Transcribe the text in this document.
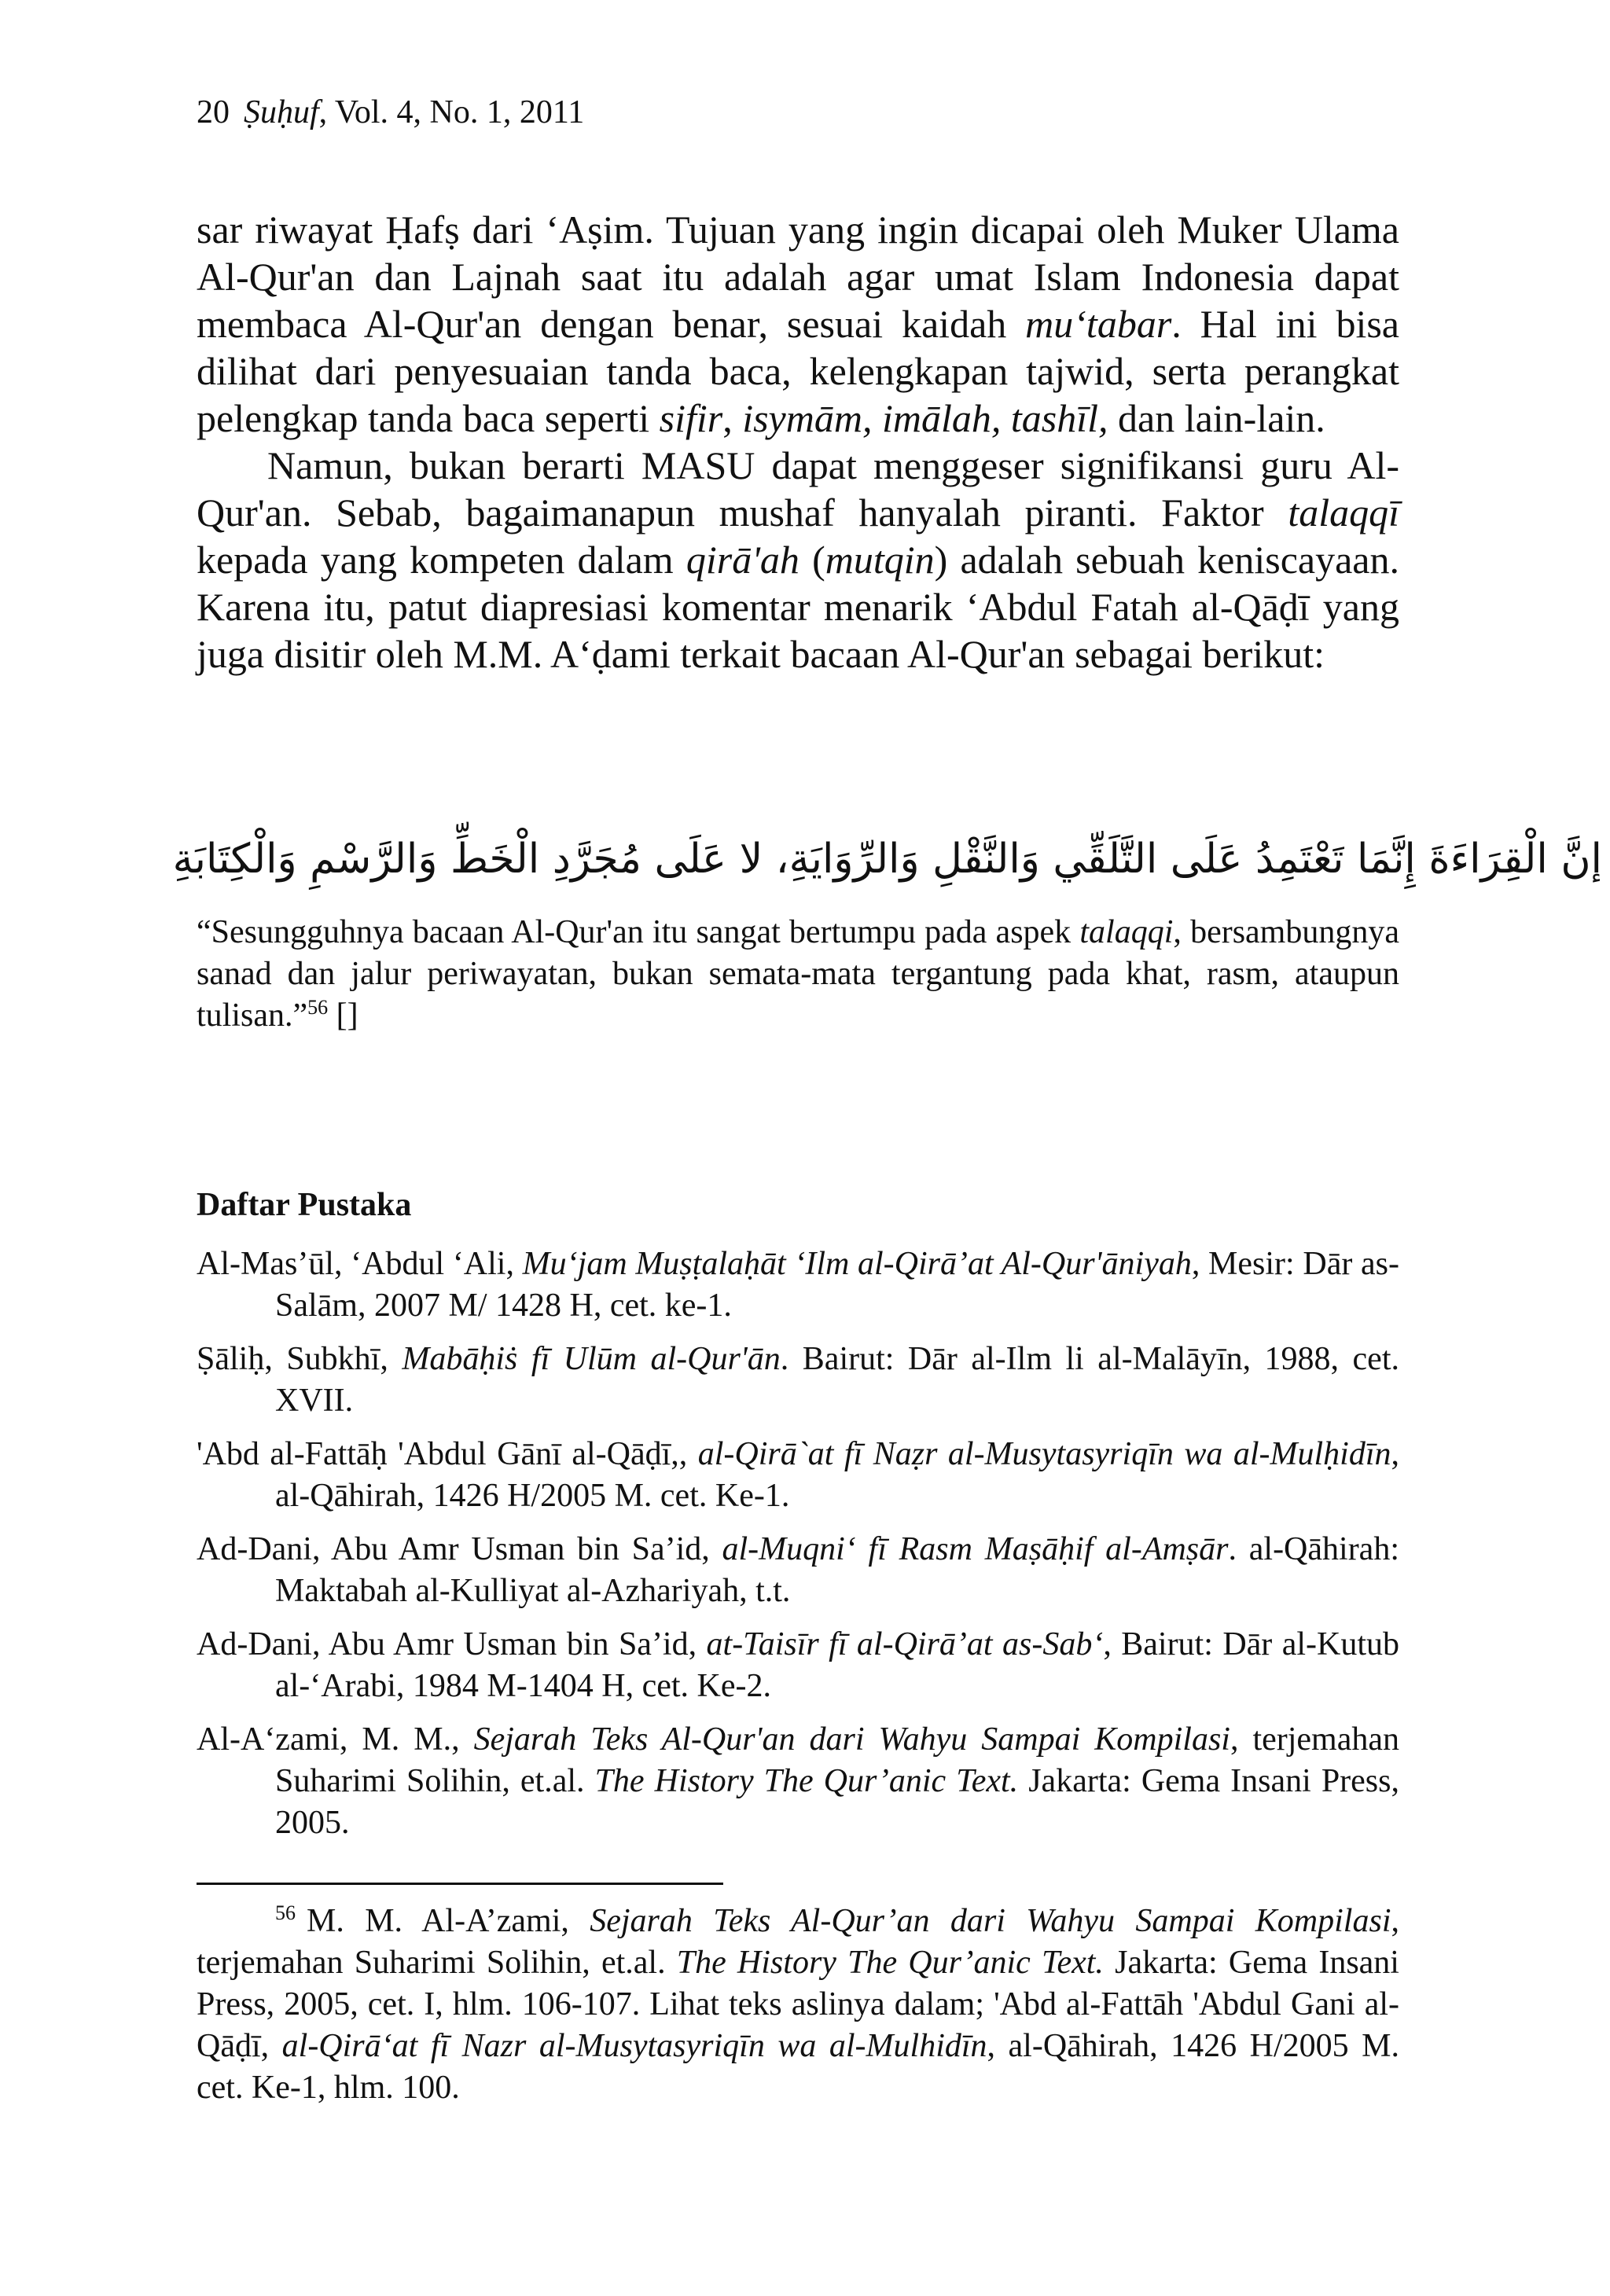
20 Ṣuḥuf, Vol. 4, No. 1, 2011

sar riwayat Ḥafṣ dari ‘Aṣim. Tujuan yang ingin dicapai oleh Muker Ulama Al-Qur'an dan Lajnah saat itu adalah agar umat Islam Indonesia dapat membaca Al-Qur'an dengan benar, sesuai kaidah mu‘tabar. Hal ini bisa dilihat dari penyesuaian tanda baca, kelengkapan tajwid, serta perangkat pelengkap tanda baca seperti sifir, isymām, imālah, tashīl, dan lain-lain.

Namun, bukan berarti MASU dapat menggeser signifikansi guru Al-Qur'an. Sebab, bagaimanapun mushaf hanyalah piranti. Faktor talaqqī kepada yang kompeten dalam qirā'ah (mutqin) adalah sebuah keniscayaan. Karena itu, patut diapresiasi komentar menarik ‘Abdul Fatah al-Qāḍī yang juga disitir oleh M.M. A‘ḍami terkait bacaan Al-Qur'an sebagai berikut:

إنَّ الْقِرَاءَةَ إِنَّمَا تَعْتَمِدُ عَلَى التَّلَقِّي وَالنَّقْلِ وَالرِّوَايَةِ، لا عَلَى مُجَرَّدِ الْخَطِّ وَالرَّسْمِ وَالْكِتَابَةِ
“Sesungguhnya bacaan Al-Qur'an itu sangat bertumpu pada aspek talaqqi, bersambungnya sanad dan jalur periwayatan, bukan semata-mata tergantung pada khat, rasm, ataupun tulisan.”$^{56}$ []
Daftar Pustaka

Al-Mas’ūl, ‘Abdul ‘Ali, Mu‘jam Muṣṭalaḥāt ‘Ilm al-Qirā’at Al-Qur'āniyah, Mesir: Dār as-Salām, 2007 M/ 1428 H, cet. ke-1.

Ṣāliḥ, Subkhī, Mabāḥiṡ fī Ulūm al-Qur'ān. Bairut: Dār al-Ilm li al-Malāyīn, 1988, cet. XVII.

'Abd al-Fattāḥ 'Abdul Gānī al-Qāḍī,, al-Qirā`at fī Naẓr al-Musytasyriqīn wa al-Mulḥidīn, al-Qāhirah, 1426 H/2005 M. cet. Ke-1.

Ad-Dani, Abu Amr Usman bin Sa’id, al-Muqni‘ fī Rasm Maṣāḥif al-Amṣār. al-Qāhirah: Maktabah al-Kulliyat al-Azhariyah, t.t.

Ad-Dani, Abu Amr Usman bin Sa’id, at-Taisīr fī al-Qirā’at as-Sab‘, Bairut: Dār al-Kutub al-‘Arabi, 1984 M-1404 H, cet. Ke-2.

Al-A‘zami, M. M., Sejarah Teks Al-Qur'an dari Wahyu Sampai Kompilasi, terjemahan Suharimi Solihin, et.al. The History The Qur’anic Text. Jakarta: Gema Insani Press, 2005.

$^{56}$ M. M. Al-A’zami, Sejarah Teks Al-Qur’an dari Wahyu Sampai Kompilasi, terjemahan Suharimi Solihin, et.al. The History The Qur’anic Text. Jakarta: Gema Insani Press, 2005, cet. I, hlm. 106-107. Lihat teks aslinya dalam; 'Abd al-Fattāh 'Abdul Gani al-Qāḍī, al-Qirā‘at fī Nazr al-Musytasyriqīn wa al-Mulhidīn, al-Qāhirah, 1426 H/2005 M. cet. Ke-1, hlm. 100.
